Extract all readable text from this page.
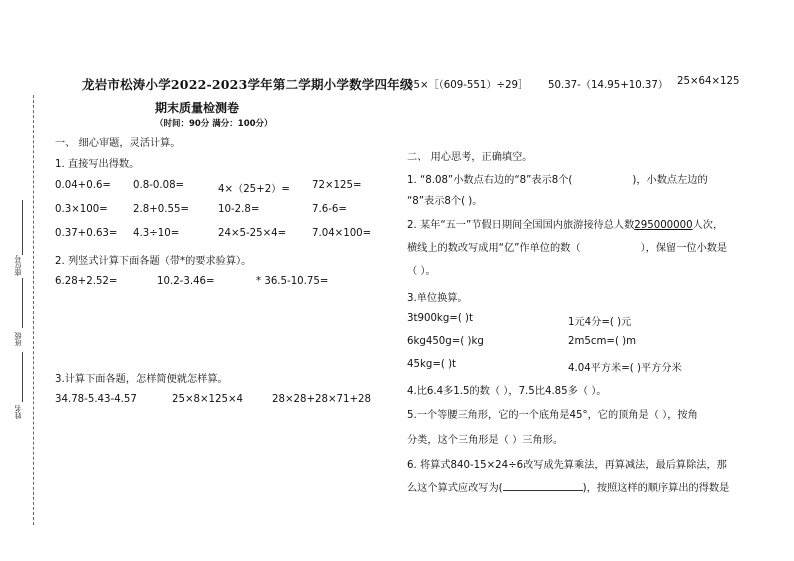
座位号
班级
姓名
龙岩市松涛小学2022-2023学年第二学期小学数学四年级
期末质量检测卷
（时间：90分 满分：100分）
一、 细心审题，灵活计算。
1. 直接写出得数。
0.04+0.6= 0.8-0.08=	4×（25+2）= 72×125=
0.3×100= 2.8+0.55=	10-2.8=	7.6-6=
0.37+0.63= 4.3÷10=	24×5-25×4=	7.04×100=
2. 列竖式计算下面各题（带*的要求验算）。
6.28+2.52=	10.2-3.46=	* 36.5-10.75=
3.计算下面各题，怎样简便就怎样算。
34.78-5.43-4.57	25×8×125×4	28×28+28×71+28
35×［（609-551）÷29］ 50.37-（14.95+10.37） 25×64×125
二、 用心思考，正确填空。
1. “8.08”小数点右边的“8”表示8个(	)，小数点左边的
“8”表示8个( )。
2. 某年“五一”节假日期间全国国内旅游接待总人数295000000人次，
横线上的数改写成用“亿”作单位的数（	），保留一位小数是
（ ）。
3.单位换算。
3t900kg=( )t	1元4分=( )元
6kg450g=( )kg	2m5cm=( )m
45kg=( )t	4.04平方米=( )平方分米
4.比6.4多1.5的数（ ），7.5比4.85多（ ）。
5.一个等腰三角形，它的一个底角是45°，它的顶角是（ ），按角
分类，这个三角形是（ ）三角形。
6. 将算式840-15×24÷6改写成先算乘法，再算减法，最后算除法，那
么这个算式应改写为(	)，按照这样的顺序算出的得数是
